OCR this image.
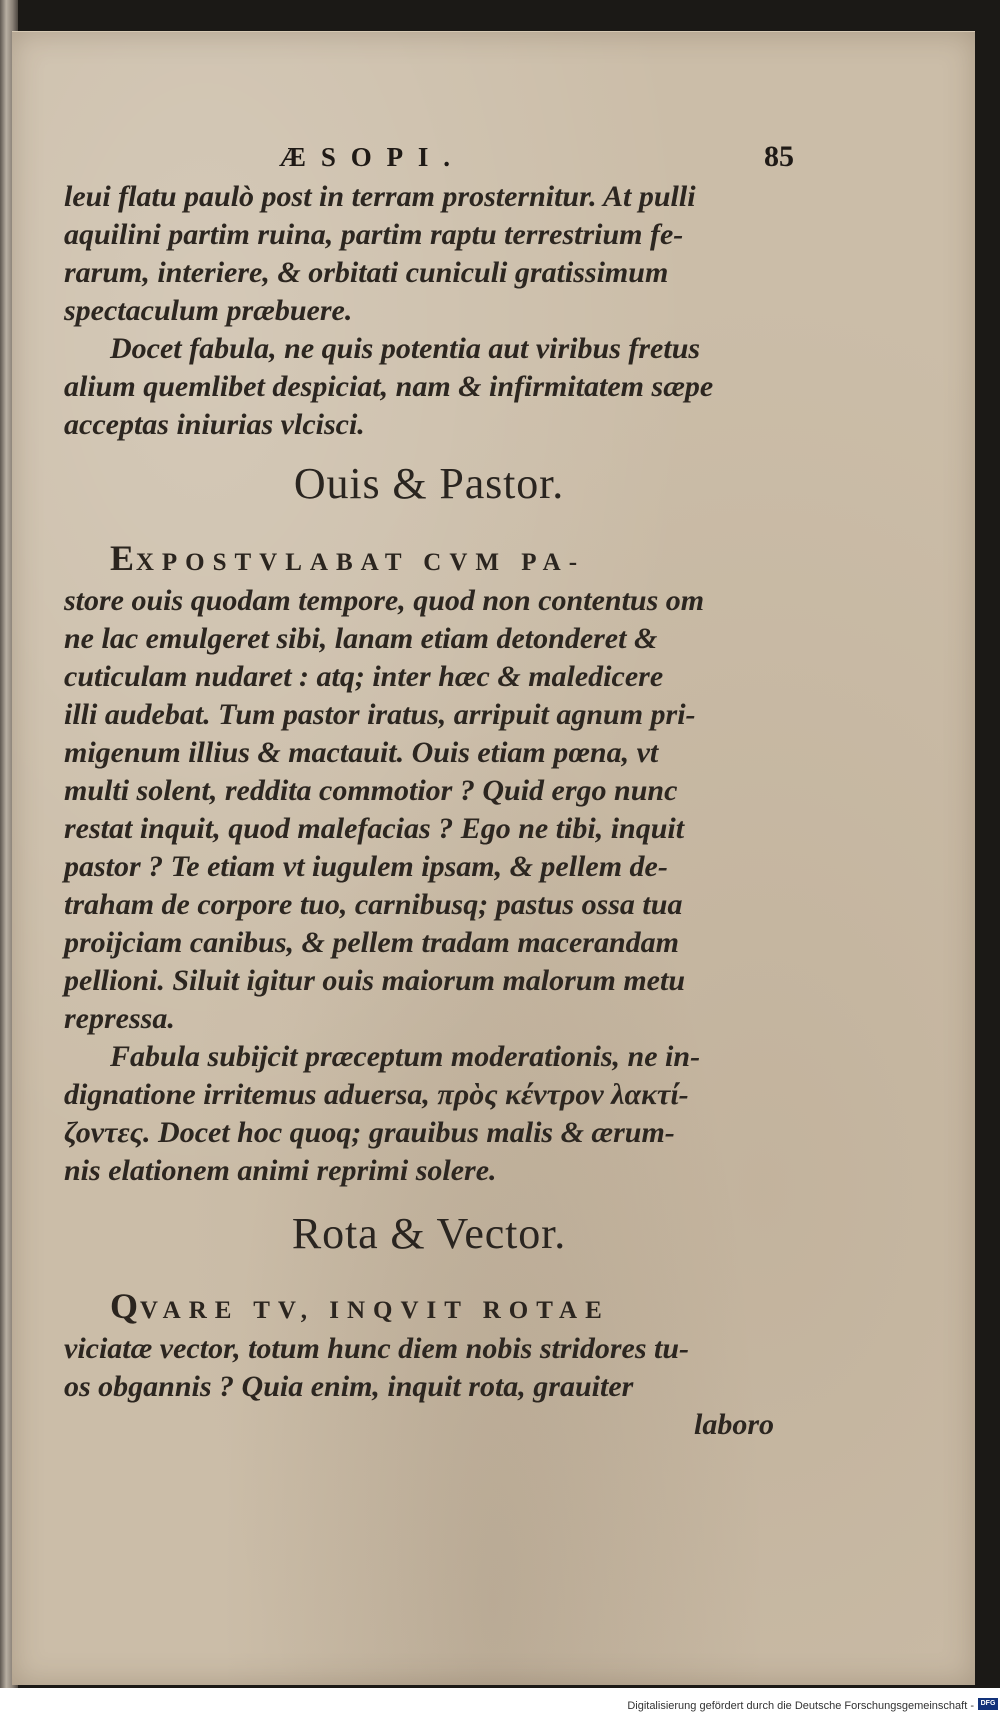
ÆSOPI.	85
leui flatu paulò post in terram prosternitur. At pulli
aquilini partim ruina, partim raptu terrestrium fe-
rarum, interiere, & orbitati cuniculi gratissimum
spectaculum præbuere.
Docet fabula, ne quis potentia aut viribus fretus
alium quemlibet despiciat, nam & infirmitatem sæpe
acceptas iniurias vlcisci.
Ouis & Pastor.
EXPOSTVLABAT CVM PA-
store ouis quodam tempore, quod non contentus om
ne lac emulgeret sibi, lanam etiam detonderet &
cuticulam nudaret : atq; inter hæc & maledicere
illi audebat. Tum pastor iratus, arripuit agnum pri-
migenum illius & mactauit. Ouis etiam pœna, vt
multi solent, reddita commotior ? Quid ergo nunc
restat inquit, quod malefacias ? Ego ne tibi, inquit
pastor ? Te etiam vt iugulem ipsam, & pellem de-
traham de corpore tuo, carnibusq; pastus ossa tua
proijciam canibus, & pellem tradam macerandam
pellioni. Siluit igitur ouis maiorum malorum metu
repressa.
Fabula subijcit præceptum moderationis, ne in-
dignatione irritemus aduersa, πρὸς κέντρον λακτί-
ζοντες. Docet hoc quoq; grauibus malis & ærum-
nis elationem animi reprimi solere.
Rota & Vector.
QVARE TV, INQVIT ROTAE
viciatæ vector, totum hunc diem nobis stridores tu-
os obgannis ? Quia enim, inquit rota, grauiter
laboro
Digitalisierung gefördert durch die Deutsche Forschungsgemeinschaft - DFG
